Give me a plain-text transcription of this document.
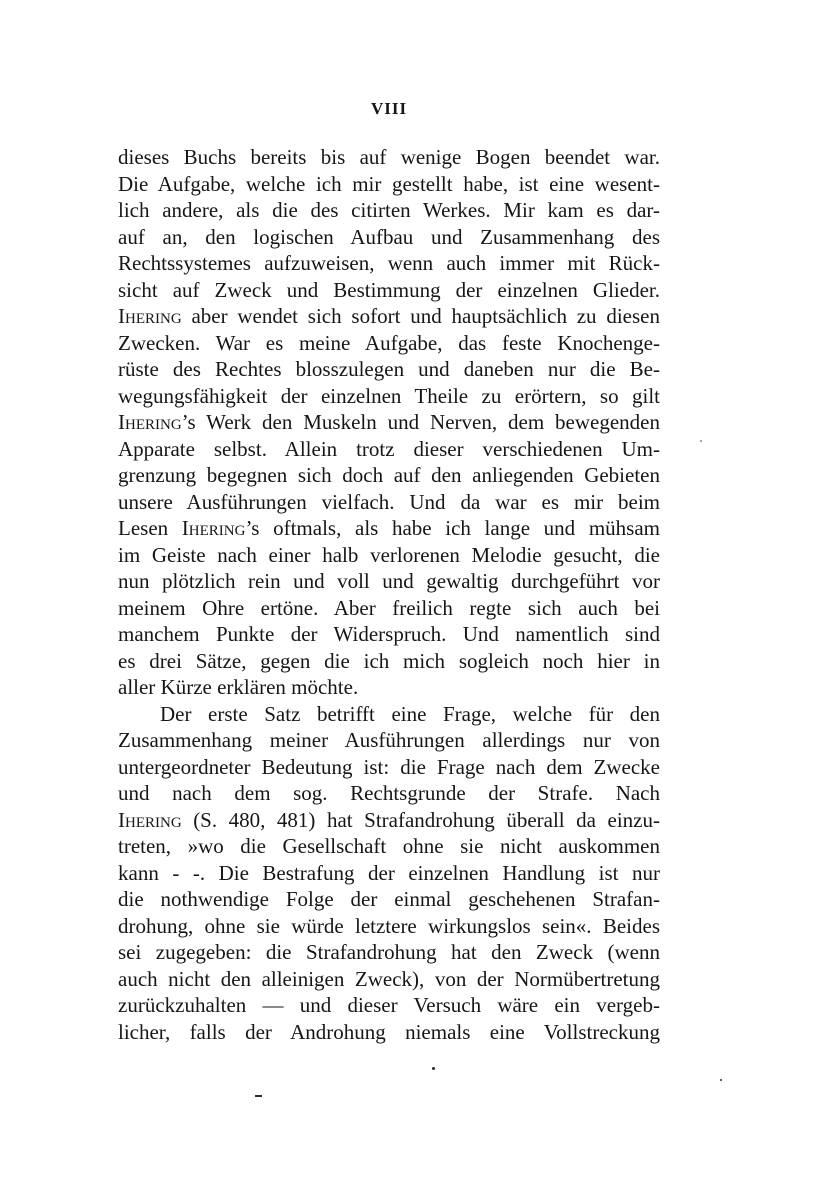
VIII
dieses Buchs bereits bis auf wenige Bogen beendet war.
Die Aufgabe, welche ich mir gestellt habe, ist eine wesent-
lich andere, als die des citirten Werkes. Mir kam es dar-
auf an, den logischen Aufbau und Zusammenhang des
Rechtssystemes aufzuweisen, wenn auch immer mit Rück-
sicht auf Zweck und Bestimmung der einzelnen Glieder.
Ihering aber wendet sich sofort und hauptsächlich zu diesen
Zwecken. War es meine Aufgabe, das feste Knochenge-
rüste des Rechtes blosszulegen und daneben nur die Be-
wegungsfähigkeit der einzelnen Theile zu erörtern, so gilt
Ihering’s Werk den Muskeln und Nerven, dem bewegenden
Apparate selbst. Allein trotz dieser verschiedenen Um-
grenzung begegnen sich doch auf den anliegenden Gebieten
unsere Ausführungen vielfach. Und da war es mir beim
Lesen Ihering’s oftmals, als habe ich lange und mühsam
im Geiste nach einer halb verlorenen Melodie gesucht, die
nun plötzlich rein und voll und gewaltig durchgeführt vor
meinem Ohre ertöne. Aber freilich regte sich auch bei
manchem Punkte der Widerspruch. Und namentlich sind
es drei Sätze, gegen die ich mich sogleich noch hier in
aller Kürze erklären möchte.
Der erste Satz betrifft eine Frage, welche für den
Zusammenhang meiner Ausführungen allerdings nur von
untergeordneter Bedeutung ist: die Frage nach dem Zwecke
und nach dem sog. Rechtsgrunde der Strafe. Nach
Ihering (S. 480, 481) hat Strafandrohung überall da einzu-
treten, »wo die Gesellschaft ohne sie nicht auskommen
kann - -. Die Bestrafung der einzelnen Handlung ist nur
die nothwendige Folge der einmal geschehenen Strafan-
drohung, ohne sie würde letztere wirkungslos sein«. Beides
sei zugegeben: die Strafandrohung hat den Zweck (wenn
auch nicht den alleinigen Zweck), von der Normübertretung
zurückzuhalten — und dieser Versuch wäre ein vergeb-
licher, falls der Androhung niemals eine Vollstreckung
